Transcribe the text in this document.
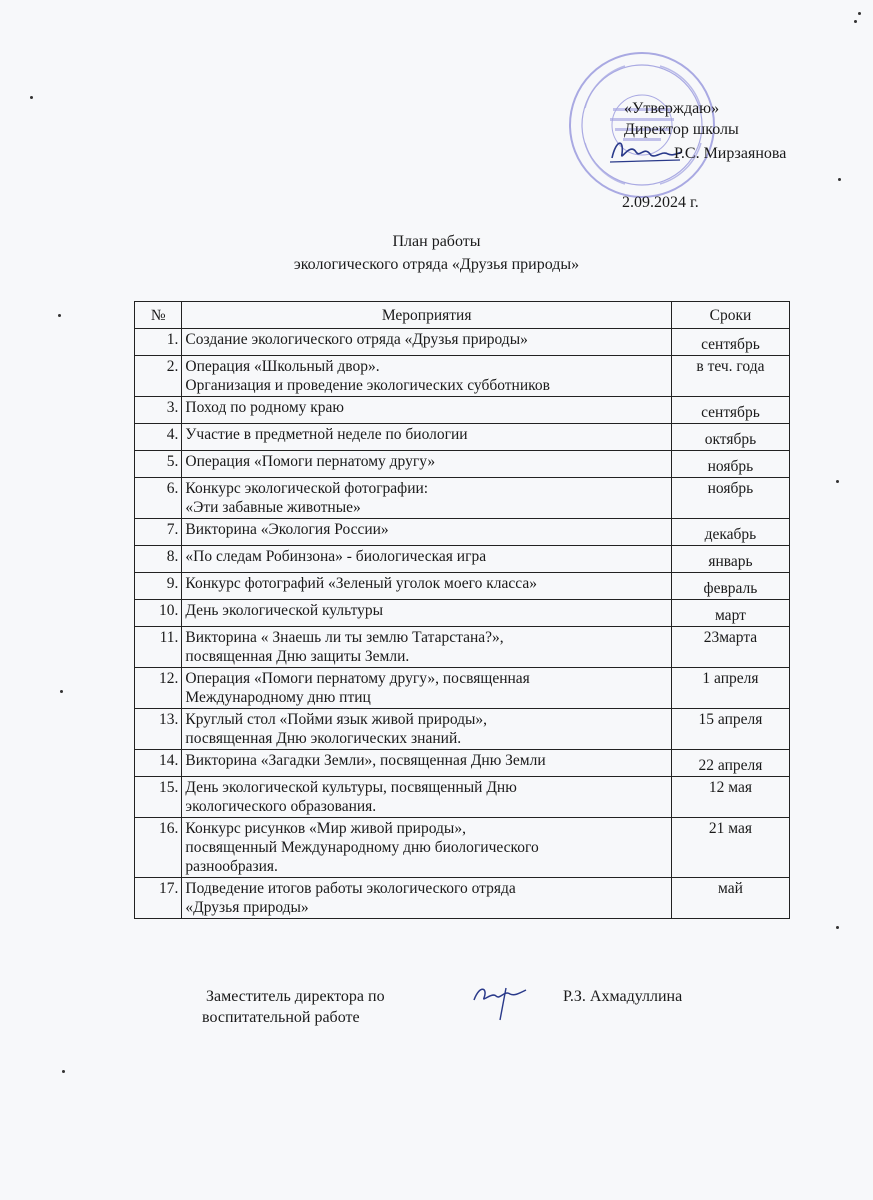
«Утверждаю»
Директор школы
Р.С. Мирзаянова
2.09.2024 г.
План работы
экологического отряда «Друзья природы»
№	Мероприятия	Сроки
1.	Создание экологического отряда «Друзья природы»	сентябрь
2.	Операция «Школьный двор».
Организация и проведение экологических субботников	в теч. года
3.	Поход по родному краю	сентябрь
4.	Участие в предметной неделе по биологии	октябрь
5.	Операция «Помоги пернатому другу»	ноябрь
6.	Конкурс экологической фотографии:
«Эти забавные животные»	ноябрь
7.	Викторина «Экология России»	декабрь
8.	«По следам Робинзона» - биологическая игра	январь
9.	Конкурс фотографий «Зеленый уголок моего класса»	февраль
10.	День экологической культуры	март
11.	Викторина « Знаешь ли ты землю Татарстана?»,
посвященная Дню защиты Земли.	23марта
12.	Операция «Помоги пернатому другу», посвященная
Международному дню птиц	1 апреля
13.	Круглый стол «Пойми язык живой природы»,
посвященная Дню экологических знаний.	15 апреля
14.	Викторина «Загадки Земли», посвященная Дню Земли	22 апреля
15.	День экологической культуры, посвященный Дню
экологического образования.	12 мая
16.	Конкурс рисунков «Мир живой природы»,
посвященный Международному дню биологического
разнообразия.	21 мая
17.	Подведение итогов работы экологического отряда
«Друзья природы»	май
Заместитель директора по
воспитательной работе
Р.З. Ахмадуллина
